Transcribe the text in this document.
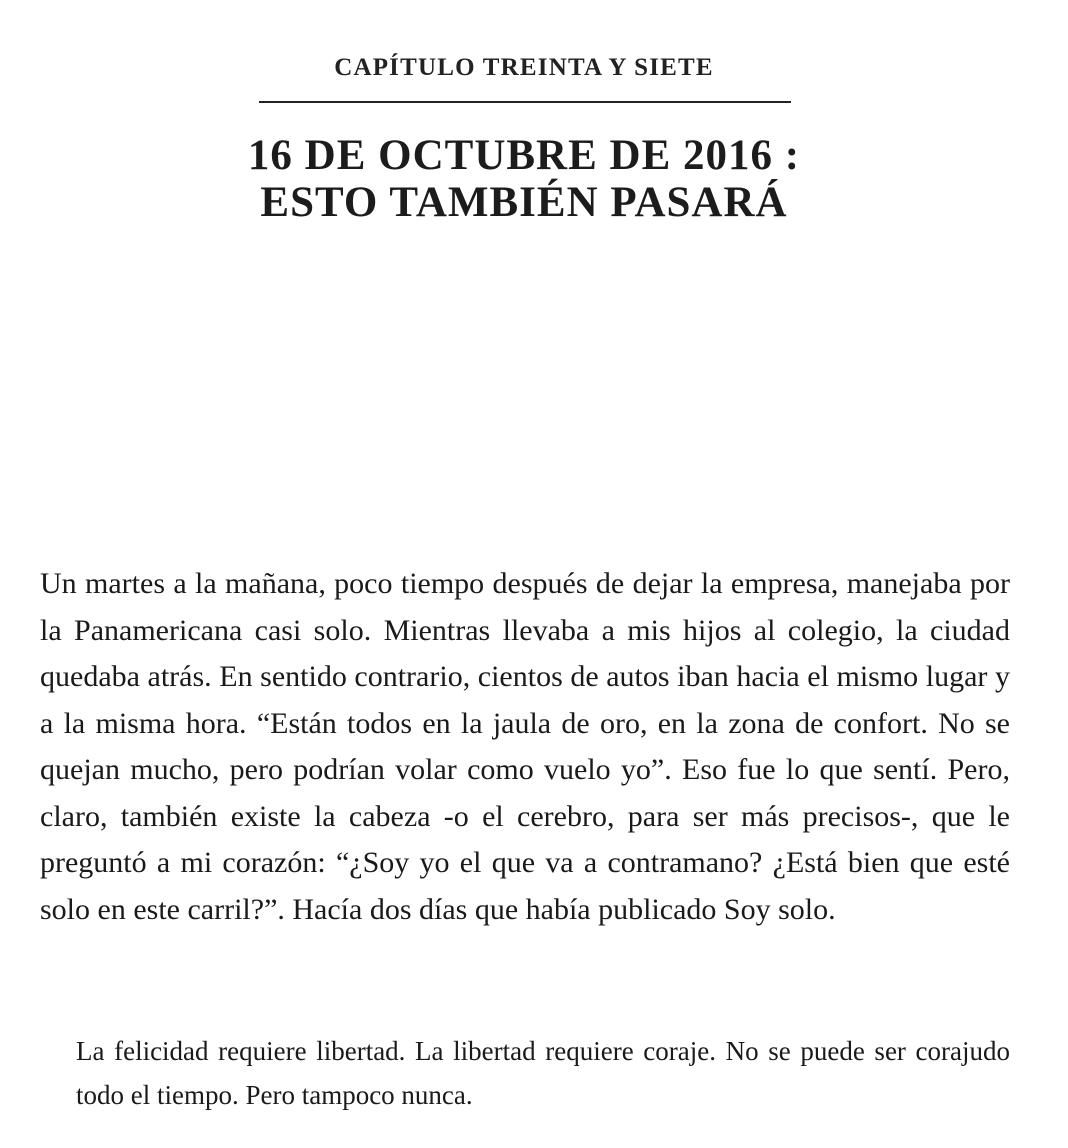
CAPÍTULO TREINTA Y SIETE
16 DE OCTUBRE DE 2016 :
ESTO TAMBIÉN PASARÁ

Un martes a la mañana, poco tiempo después de dejar la empresa, manejaba por la Panamericana casi solo. Mientras llevaba a mis hijos al colegio, la ciudad quedaba atrás. En sentido contrario, cientos de autos iban hacia el mismo lugar y a la misma hora. “Están todos en la jaula de oro, en la zona de confort. No se quejan mucho, pero podrían volar como vuelo yo”. Eso fue lo que sentí. Pero, claro, también existe la cabeza -o el cerebro, para ser más precisos-, que le preguntó a mi corazón: “¿Soy yo el que va a contramano? ¿Está bien que esté solo en este carril?”. Hacía dos días que había publicado Soy solo.

La felicidad requiere libertad. La libertad requiere coraje. No se puede ser corajudo todo el tiempo. Pero tampoco nunca.
